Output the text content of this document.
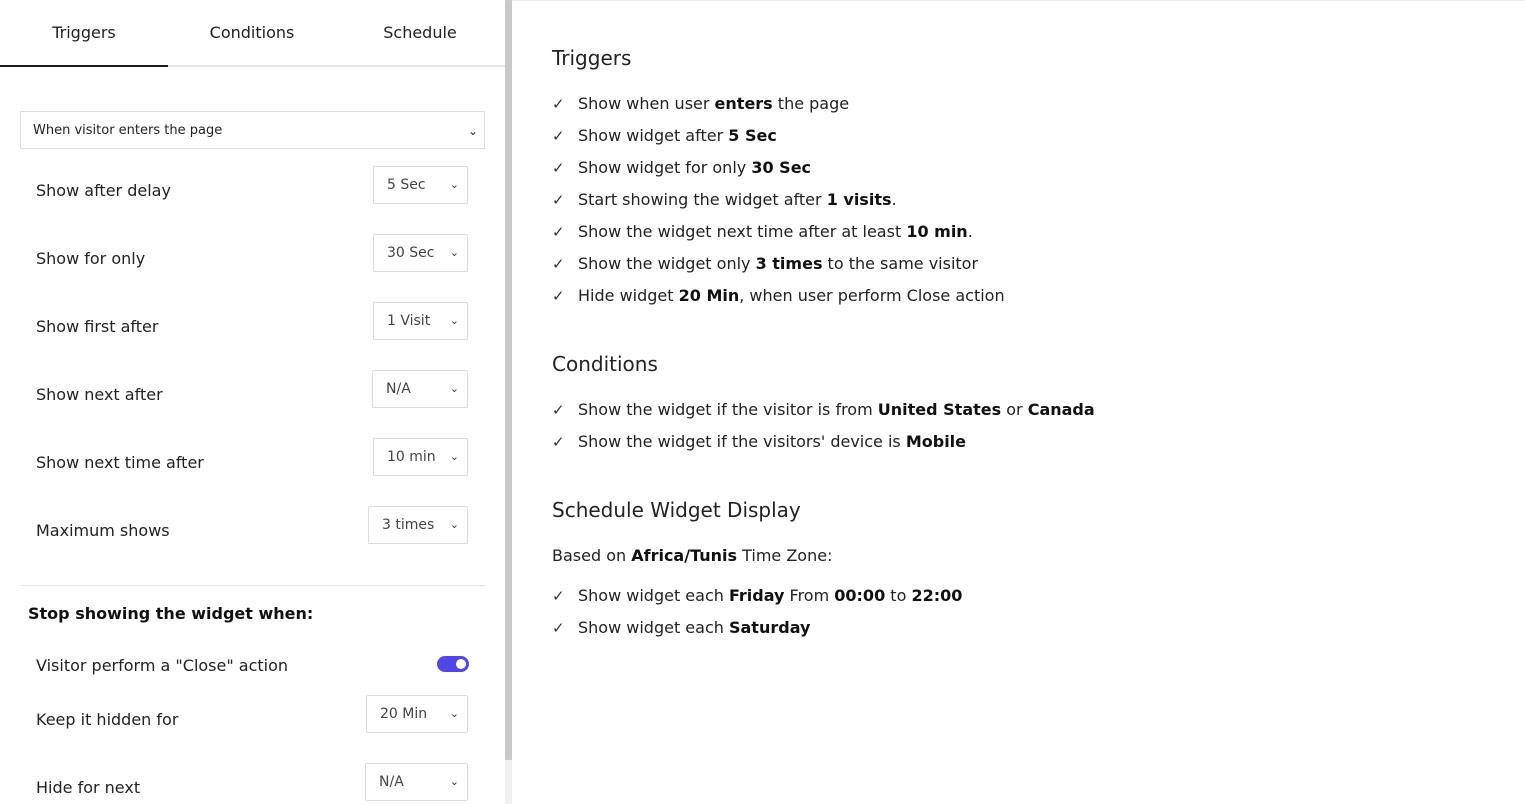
Triggers	Conditions	Schedule
When visitor enters the page	⌄
Show after delay	5 Sec ⌄
Show for only	30 Sec ⌄
Show first after	1 Visit ⌄
Show next after	N/A	⌄
Show next time after	10 min ⌄
Maximum shows	3 times ⌄
Stop showing the widget when:
Visitor perform a "Close" action
Keep it hidden for	20 Min ⌄
Hide for next	N/A	⌄
Triggers
✓ Show when user enters the page
✓ Show widget after 5 Sec
✓ Show widget for only 30 Sec
✓ Start showing the widget after 1 visits.
✓ Show the widget next time after at least 10 min.
✓ Show the widget only 3 times to the same visitor
✓ Hide widget 20 Min, when user perform Close action
Conditions
✓ Show the widget if the visitor is from United States or Canada
✓ Show the widget if the visitors' device is Mobile
Schedule Widget Display
Based on Africa/Tunis Time Zone:
✓ Show widget each Friday From 00:00 to 22:00
✓ Show widget each Saturday
